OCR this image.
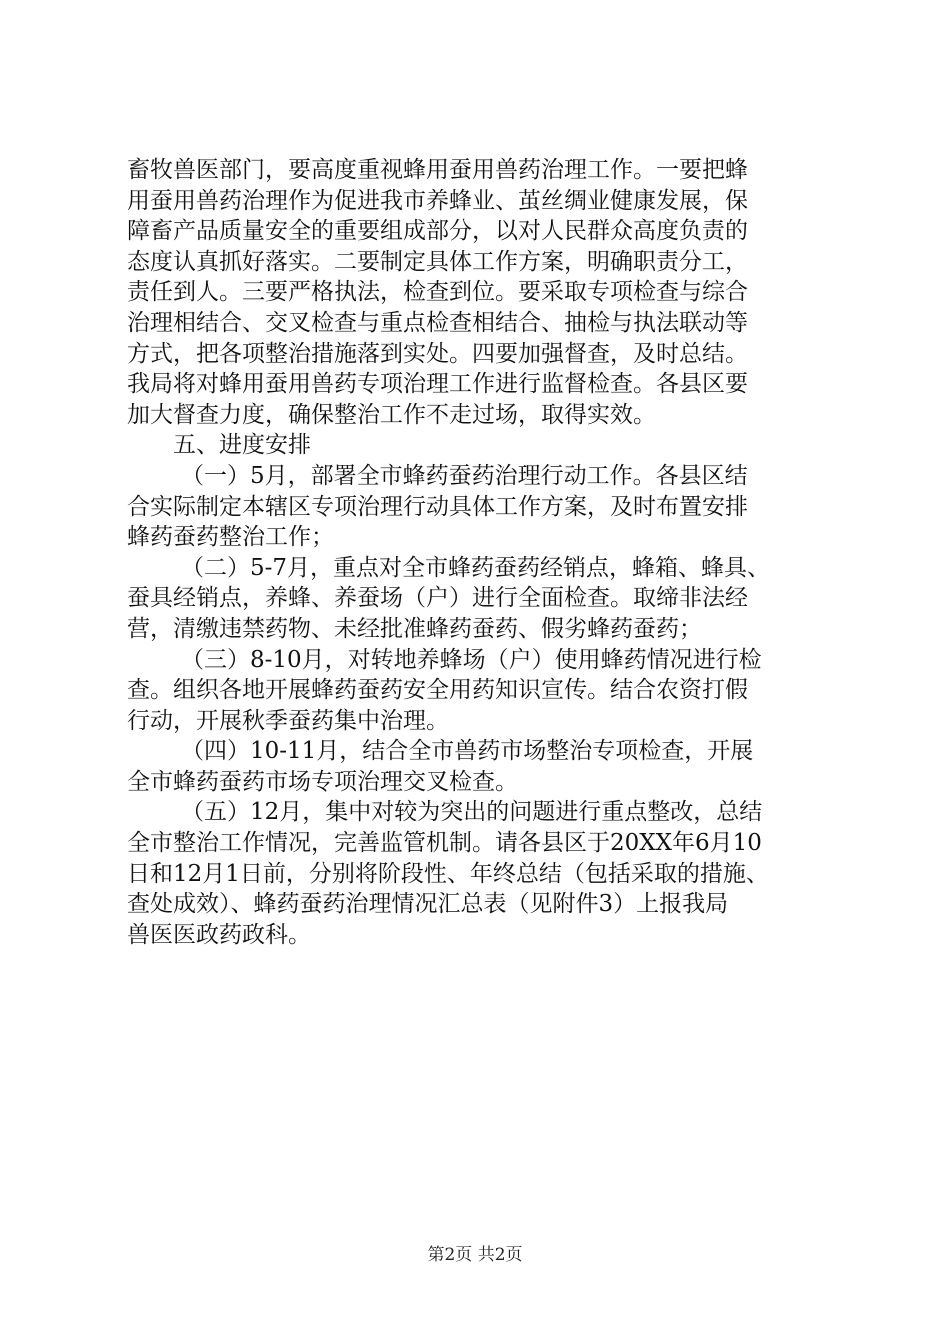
畜牧兽医部门，要高度重视蜂用蚕用兽药治理工作。一要把蜂
用蚕用兽药治理作为促进我市养蜂业、茧丝绸业健康发展，保
障畜产品质量安全的重要组成部分，以对人民群众高度负责的
态度认真抓好落实。二要制定具体工作方案，明确职责分工，
责任到人。三要严格执法，检查到位。要采取专项检查与综合
治理相结合、交叉检查与重点检查相结合、抽检与执法联动等
方式，把各项整治措施落到实处。四要加强督查，及时总结。
我局将对蜂用蚕用兽药专项治理工作进行监督检查。各县区要
加大督查力度，确保整治工作不走过场，取得实效。
五、进度安排
（一）5月，部署全市蜂药蚕药治理行动工作。各县区结
合实际制定本辖区专项治理行动具体工作方案，及时布置安排
蜂药蚕药整治工作；
（二）5-7月，重点对全市蜂药蚕药经销点，蜂箱、蜂具、
蚕具经销点，养蜂、养蚕场（户）进行全面检查。取缔非法经
营，清缴违禁药物、未经批准蜂药蚕药、假劣蜂药蚕药；
（三）8-10月，对转地养蜂场（户）使用蜂药情况进行检
查。组织各地开展蜂药蚕药安全用药知识宣传。结合农资打假
行动，开展秋季蚕药集中治理。
（四）10-11月，结合全市兽药市场整治专项检查，开展
全市蜂药蚕药市场专项治理交叉检查。
（五）12月，集中对较为突出的问题进行重点整改，总结
全市整治工作情况，完善监管机制。请各县区于20XX年6月10
日和12月1日前，分别将阶段性、年终总结（包括采取的措施、
查处成效）、蜂药蚕药治理情况汇总表（见附件3）上报我局
兽医医政药政科。
第2页 共2页
